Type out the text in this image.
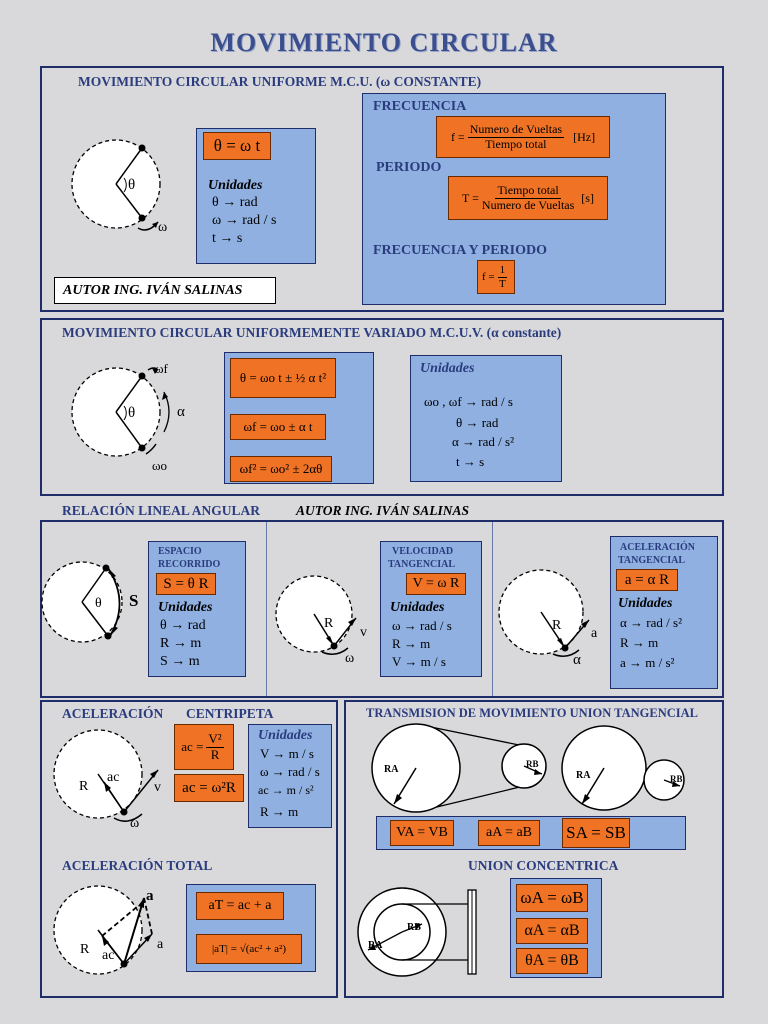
MOVIMIENTO CIRCULAR
MOVIMIENTO CIRCULAR UNIFORME M.C.U. (ω CONSTANTE)
θ
ω
θ = ω t
Unidades
θ → rad
ω → rad / s
t → s
AUTOR ING. IVÁN SALINAS
FRECUENCIA
$f = \frac{\text{Numero de Vueltas}}{\text{Tiempo total}} [Hz]$
PERIODO
$T = \frac{\text{Tiempo total}}{\text{Numero de Vueltas}} [s]$
FRECUENCIA Y PERIODO
$f = \frac{1}{T}$
MOVIMIENTO CIRCULAR UNIFORMEMENTE VARIADO M.C.U.V. (α constante)
ωf
θ	α
ωo
θ = ωo t ± ½ α t²
ωf = ωo ± α t
ωf² = ωo² ± 2αθ
Unidades
ωo , ωf → rad / s
θ → rad
α → rad / s²
t → s
RELACIÓN LINEAL ANGULAR	AUTOR ING. IVÁN SALINAS
θ S
ESPACIO
RECORRIDO
S = θ R
Unidades
θ → rad
R → m
S → m
R
v
ω
VELOCIDAD
TANGENCIAL
V = ω R
Unidades
ω → rad / s
R → m
V → m / s
R
a
α
ACELERACIÓN
TANGENCIAL
a = α R
Unidades
α → rad / s²
R → m
a → m / s²
ACELERACIÓN CENTRIPETA
R
ac
v
ω
ac = $\frac{\text{V²}}{R}$
ac = ω²R
Unidades
V → m / s
ω → rad / s
ac → m / s²
R → m
ACELERACIÓN TOTAL
a
a
R ac
aT = ac + a
|aT| = √(ac² + a²)
TRANSMISION DE MOVIMIENTO UNION TANGENCIAL
RA	RB
RA	RB
VA = VB	aA = aB	SA = SB
UNION CONCENTRICA
RA
RB
ωA = ωB
αA = αB
θA = θB
